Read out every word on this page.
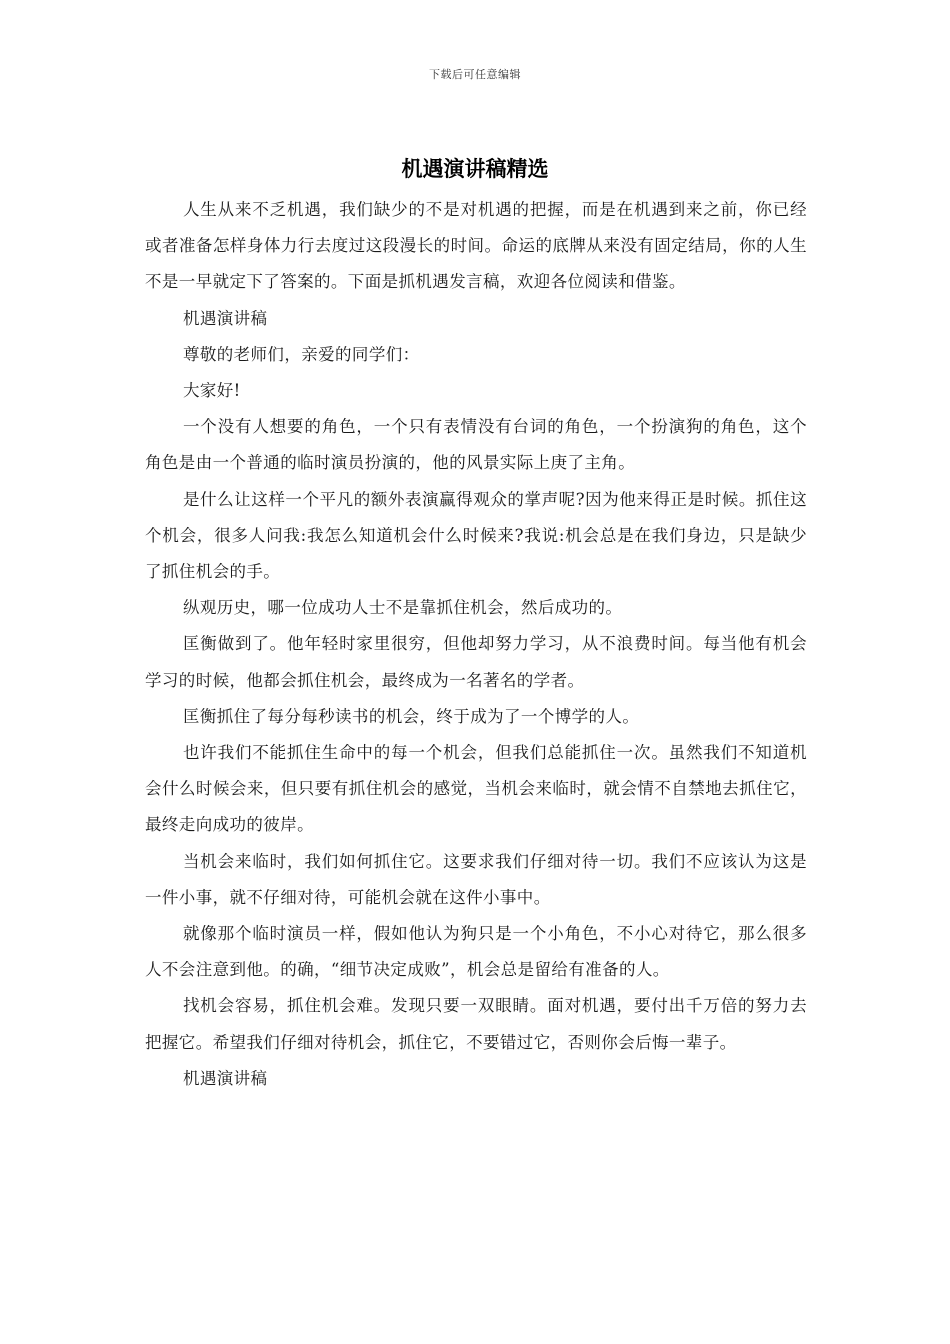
下载后可任意编辑
机遇演讲稿精选

人生从来不乏机遇，我们缺少的不是对机遇的把握，而是在机遇到来之前，你已经或者准备怎样身体力行去度过这段漫长的时间。命运的底牌从来没有固定结局，你的人生不是一早就定下了答案的。下面是抓机遇发言稿，欢迎各位阅读和借鉴。

机遇演讲稿

尊敬的老师们，亲爱的同学们：

大家好!

一个没有人想要的角色，一个只有表情没有台词的角色，一个扮演狗的角色，这个角色是由一个普通的临时演员扮演的，他的风景实际上庚了主角。

是什么让这样一个平凡的额外表演赢得观众的掌声呢?因为他来得正是时候。抓住这个机会，很多人问我:我怎么知道机会什么时候来?我说:机会总是在我们身边，只是缺少了抓住机会的手。

纵观历史，哪一位成功人士不是靠抓住机会，然后成功的。

匡衡做到了。他年轻时家里很穷，但他却努力学习，从不浪费时间。每当他有机会学习的时候，他都会抓住机会，最终成为一名著名的学者。

匡衡抓住了每分每秒读书的机会，终于成为了一个博学的人。

也许我们不能抓住生命中的每一个机会，但我们总能抓住一次。虽然我们不知道机会什么时候会来，但只要有抓住机会的感觉，当机会来临时，就会情不自禁地去抓住它，最终走向成功的彼岸。

当机会来临时，我们如何抓住它。这要求我们仔细对待一切。我们不应该认为这是一件小事，就不仔细对待，可能机会就在这件小事中。

就像那个临时演员一样，假如他认为狗只是一个小角色，不小心对待它，那么很多人不会注意到他。的确，“细节决定成败”，机会总是留给有准备的人。

找机会容易，抓住机会难。发现只要一双眼睛。面对机遇，要付出千万倍的努力去把握它。希望我们仔细对待机会，抓住它，不要错过它，否则你会后悔一辈子。

机遇演讲稿
